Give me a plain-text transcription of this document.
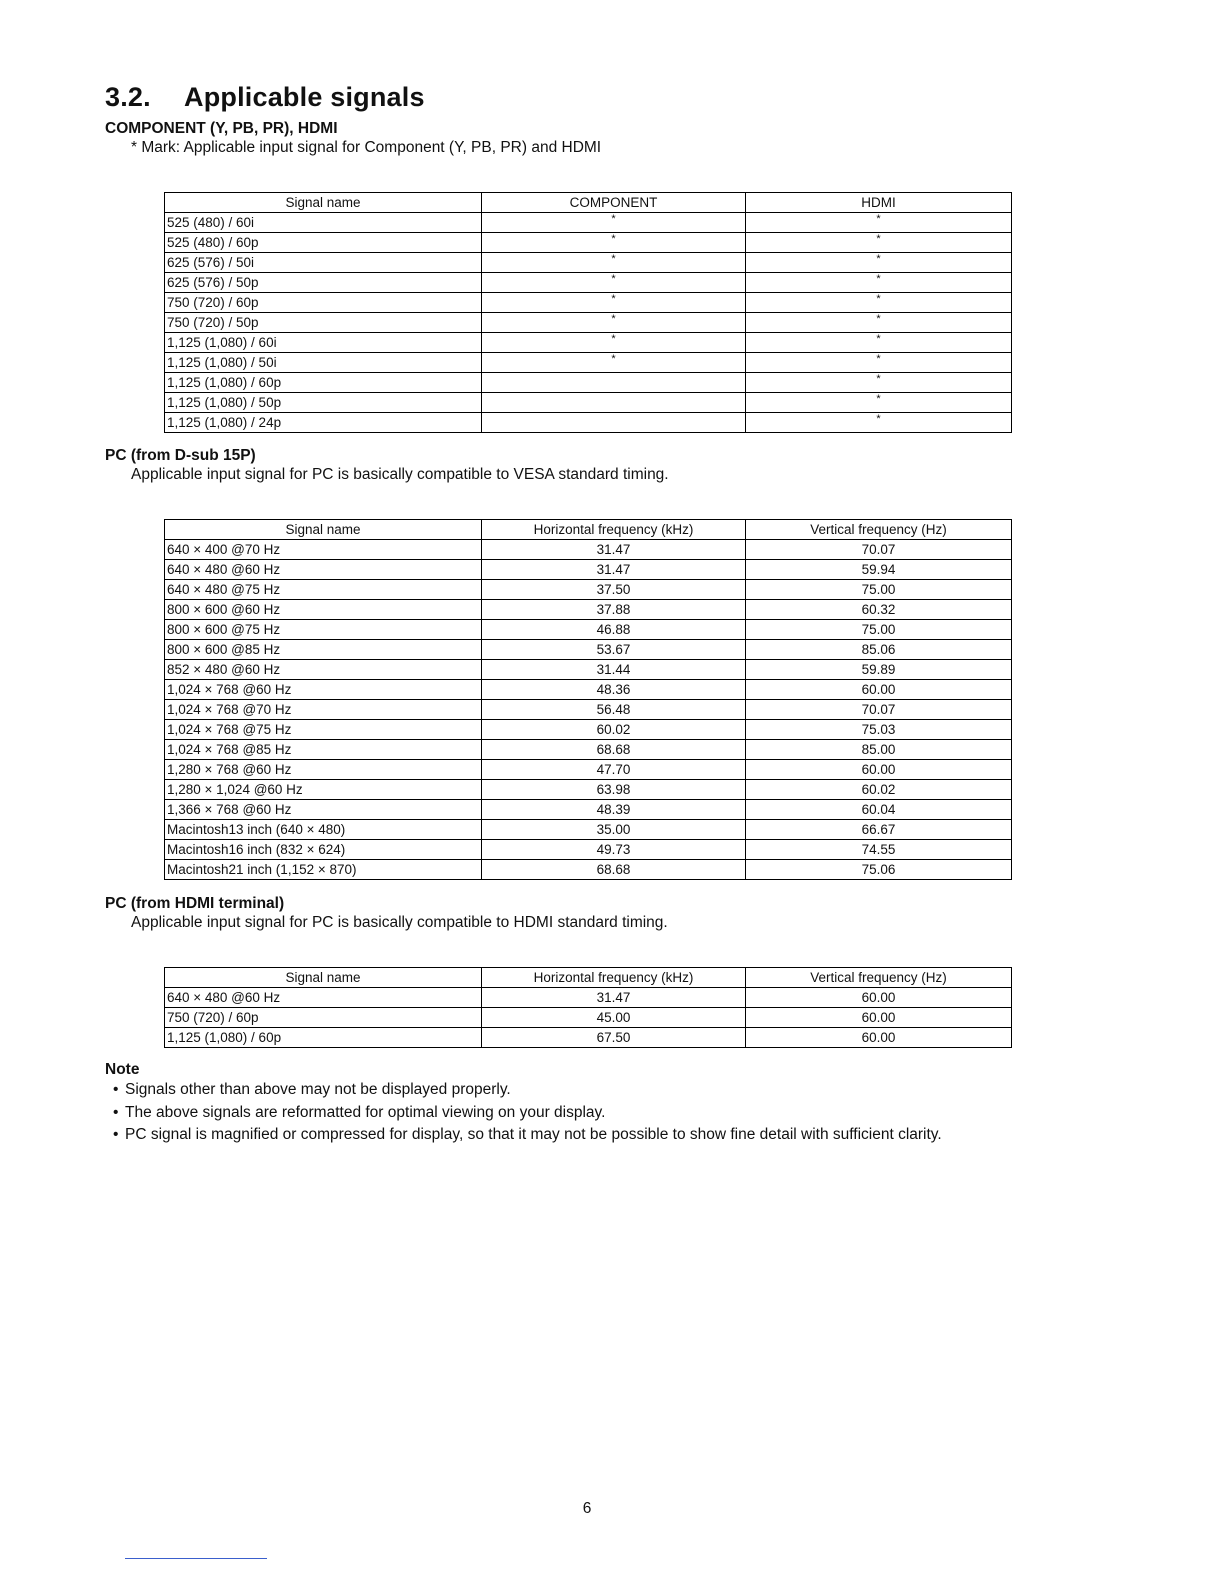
3.2. Applicable signals

COMPONENT (Y, PB, PR), HDMI

* Mark: Applicable input signal for Component (Y, PB, PR) and HDMI

Signal name	COMPONENT	HDMI
525 (480) / 60i	*	*
525 (480) / 60p	*	*
625 (576) / 50i	*	*
625 (576) / 50p	*	*
750 (720) / 60p	*	*
750 (720) / 50p	*	*
1,125 (1,080) / 60i	*	*
1,125 (1,080) / 50i	*	*
1,125 (1,080) / 60p		*
1,125 (1,080) / 50p		*
1,125 (1,080) / 24p		*

PC (from D-sub 15P)

Applicable input signal for PC is basically compatible to VESA standard timing.

Signal name	Horizontal frequency (kHz)	Vertical frequency (Hz)
640 × 400 @70 Hz	31.47	70.07
640 × 480 @60 Hz	31.47	59.94
640 × 480 @75 Hz	37.50	75.00
800 × 600 @60 Hz	37.88	60.32
800 × 600 @75 Hz	46.88	75.00
800 × 600 @85 Hz	53.67	85.06
852 × 480 @60 Hz	31.44	59.89
1,024 × 768 @60 Hz	48.36	60.00
1,024 × 768 @70 Hz	56.48	70.07
1,024 × 768 @75 Hz	60.02	75.03
1,024 × 768 @85 Hz	68.68	85.00
1,280 × 768 @60 Hz	47.70	60.00
1,280 × 1,024 @60 Hz	63.98	60.02
1,366 × 768 @60 Hz	48.39	60.04
Macintosh13 inch (640 × 480)	35.00	66.67
Macintosh16 inch (832 × 624)	49.73	74.55
Macintosh21 inch (1,152 × 870)	68.68	75.06

PC (from HDMI terminal)

Applicable input signal for PC is basically compatible to HDMI standard timing.

Signal name	Horizontal frequency (kHz)	Vertical frequency (Hz)
640 × 480 @60 Hz	31.47	60.00
750 (720) / 60p	45.00	60.00
1,125 (1,080) / 60p	67.50	60.00

Note

• Signals other than above may not be displayed properly.
• The above signals are reformatted for optimal viewing on your display.
• PC signal is magnified or compressed for display, so that it may not be possible to show fine detail with sufficient clarity.

6
